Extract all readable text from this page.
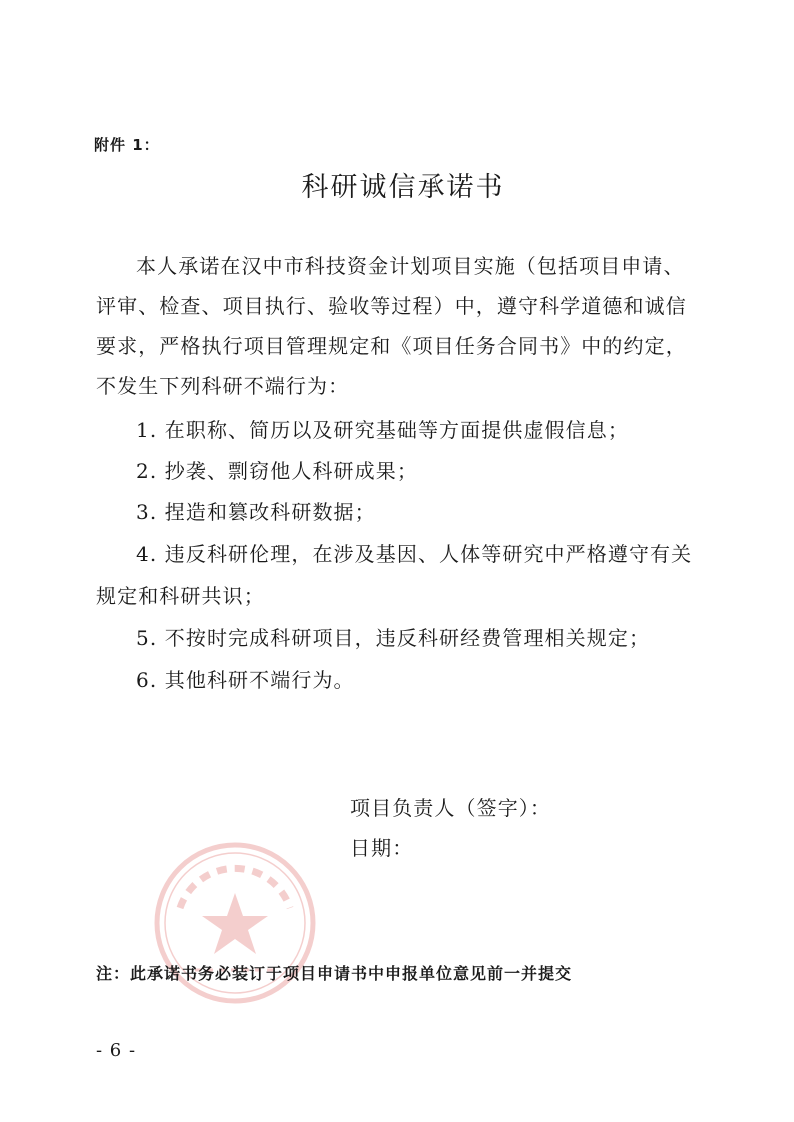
附件 1：
科研诚信承诺书
本人承诺在汉中市科技资金计划项目实施（包括项目申请、
评审、检查、项目执行、验收等过程）中，遵守科学道德和诚信
要求，严格执行项目管理规定和《项目任务合同书》中的约定，
不发生下列科研不端行为：
1. 在职称、简历以及研究基础等方面提供虚假信息；
2. 抄袭、剽窃他人科研成果；
3. 捏造和篡改科研数据；
4. 违反科研伦理，在涉及基因、人体等研究中严格遵守有关
规定和科研共识；
5. 不按时完成科研项目，违反科研经费管理相关规定；
6. 其他科研不端行为。
项目负责人（签字）：
日期：
注：此承诺书务必装订于项目申请书中申报单位意见前一并提交
- 6 -
